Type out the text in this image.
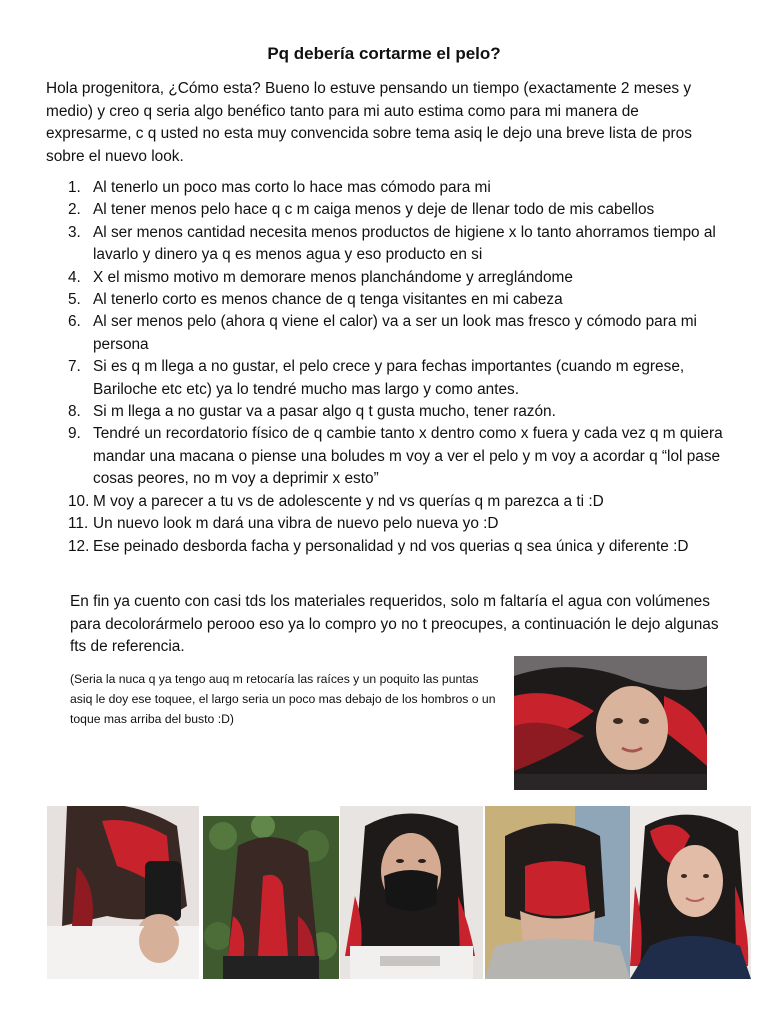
Pq debería cortarme el pelo?

Hola progenitora, ¿Cómo esta? Bueno lo estuve pensando un tiempo (exactamente 2 meses y medio) y creo q seria algo benéfico tanto para mi auto estima como para mi manera de expresarme, c q usted no esta muy convencida sobre tema asiq le dejo una breve lista de pros sobre el nuevo look.

1. Al tenerlo un poco mas corto lo hace mas cómodo para mi
2. Al tener menos pelo hace q c m caiga menos y deje de llenar todo de mis cabellos
3. Al ser menos cantidad necesita menos productos de higiene x lo tanto ahorramos tiempo al lavarlo y dinero ya q es menos agua y eso producto en si
4. X el mismo motivo m demorare menos planchándome y arreglándome
5. Al tenerlo corto es menos chance de q tenga visitantes en mi cabeza
6. Al ser menos pelo (ahora q viene el calor) va a ser un look mas fresco y cómodo para mi persona
7. Si es q m llega a no gustar, el pelo crece y para fechas importantes (cuando m egrese, Bariloche etc etc) ya lo tendré mucho mas largo y como antes.
8. Si m llega a no gustar va a pasar algo q t gusta mucho, tener razón.
9. Tendré un recordatorio físico de q cambie tanto x dentro como x fuera y cada vez q m quiera mandar una macana o piense una boludes m voy a ver el pelo y m voy a acordar q “lol pase cosas peores, no m voy a deprimir x esto”
10. M voy a parecer a tu vs de adolescente y nd vs querías q m parezca a ti :D
11. Un nuevo look m dará una vibra de nuevo pelo nueva yo :D
12. Ese peinado desborda facha y personalidad y nd vos querias q sea única y diferente :D

En fin ya cuento con casi tds los materiales requeridos, solo m faltaría el agua con volúmenes para decolorármelo perooo eso ya lo compro yo no t preocupes, a continuación le dejo algunas fts de referencia.

(Seria la nuca q ya tengo auq m retocaría las raíces y un poquito las puntas asiq le doy ese toquee, el largo seria un poco mas debajo de los hombros o un toque mas arriba del busto :D)
